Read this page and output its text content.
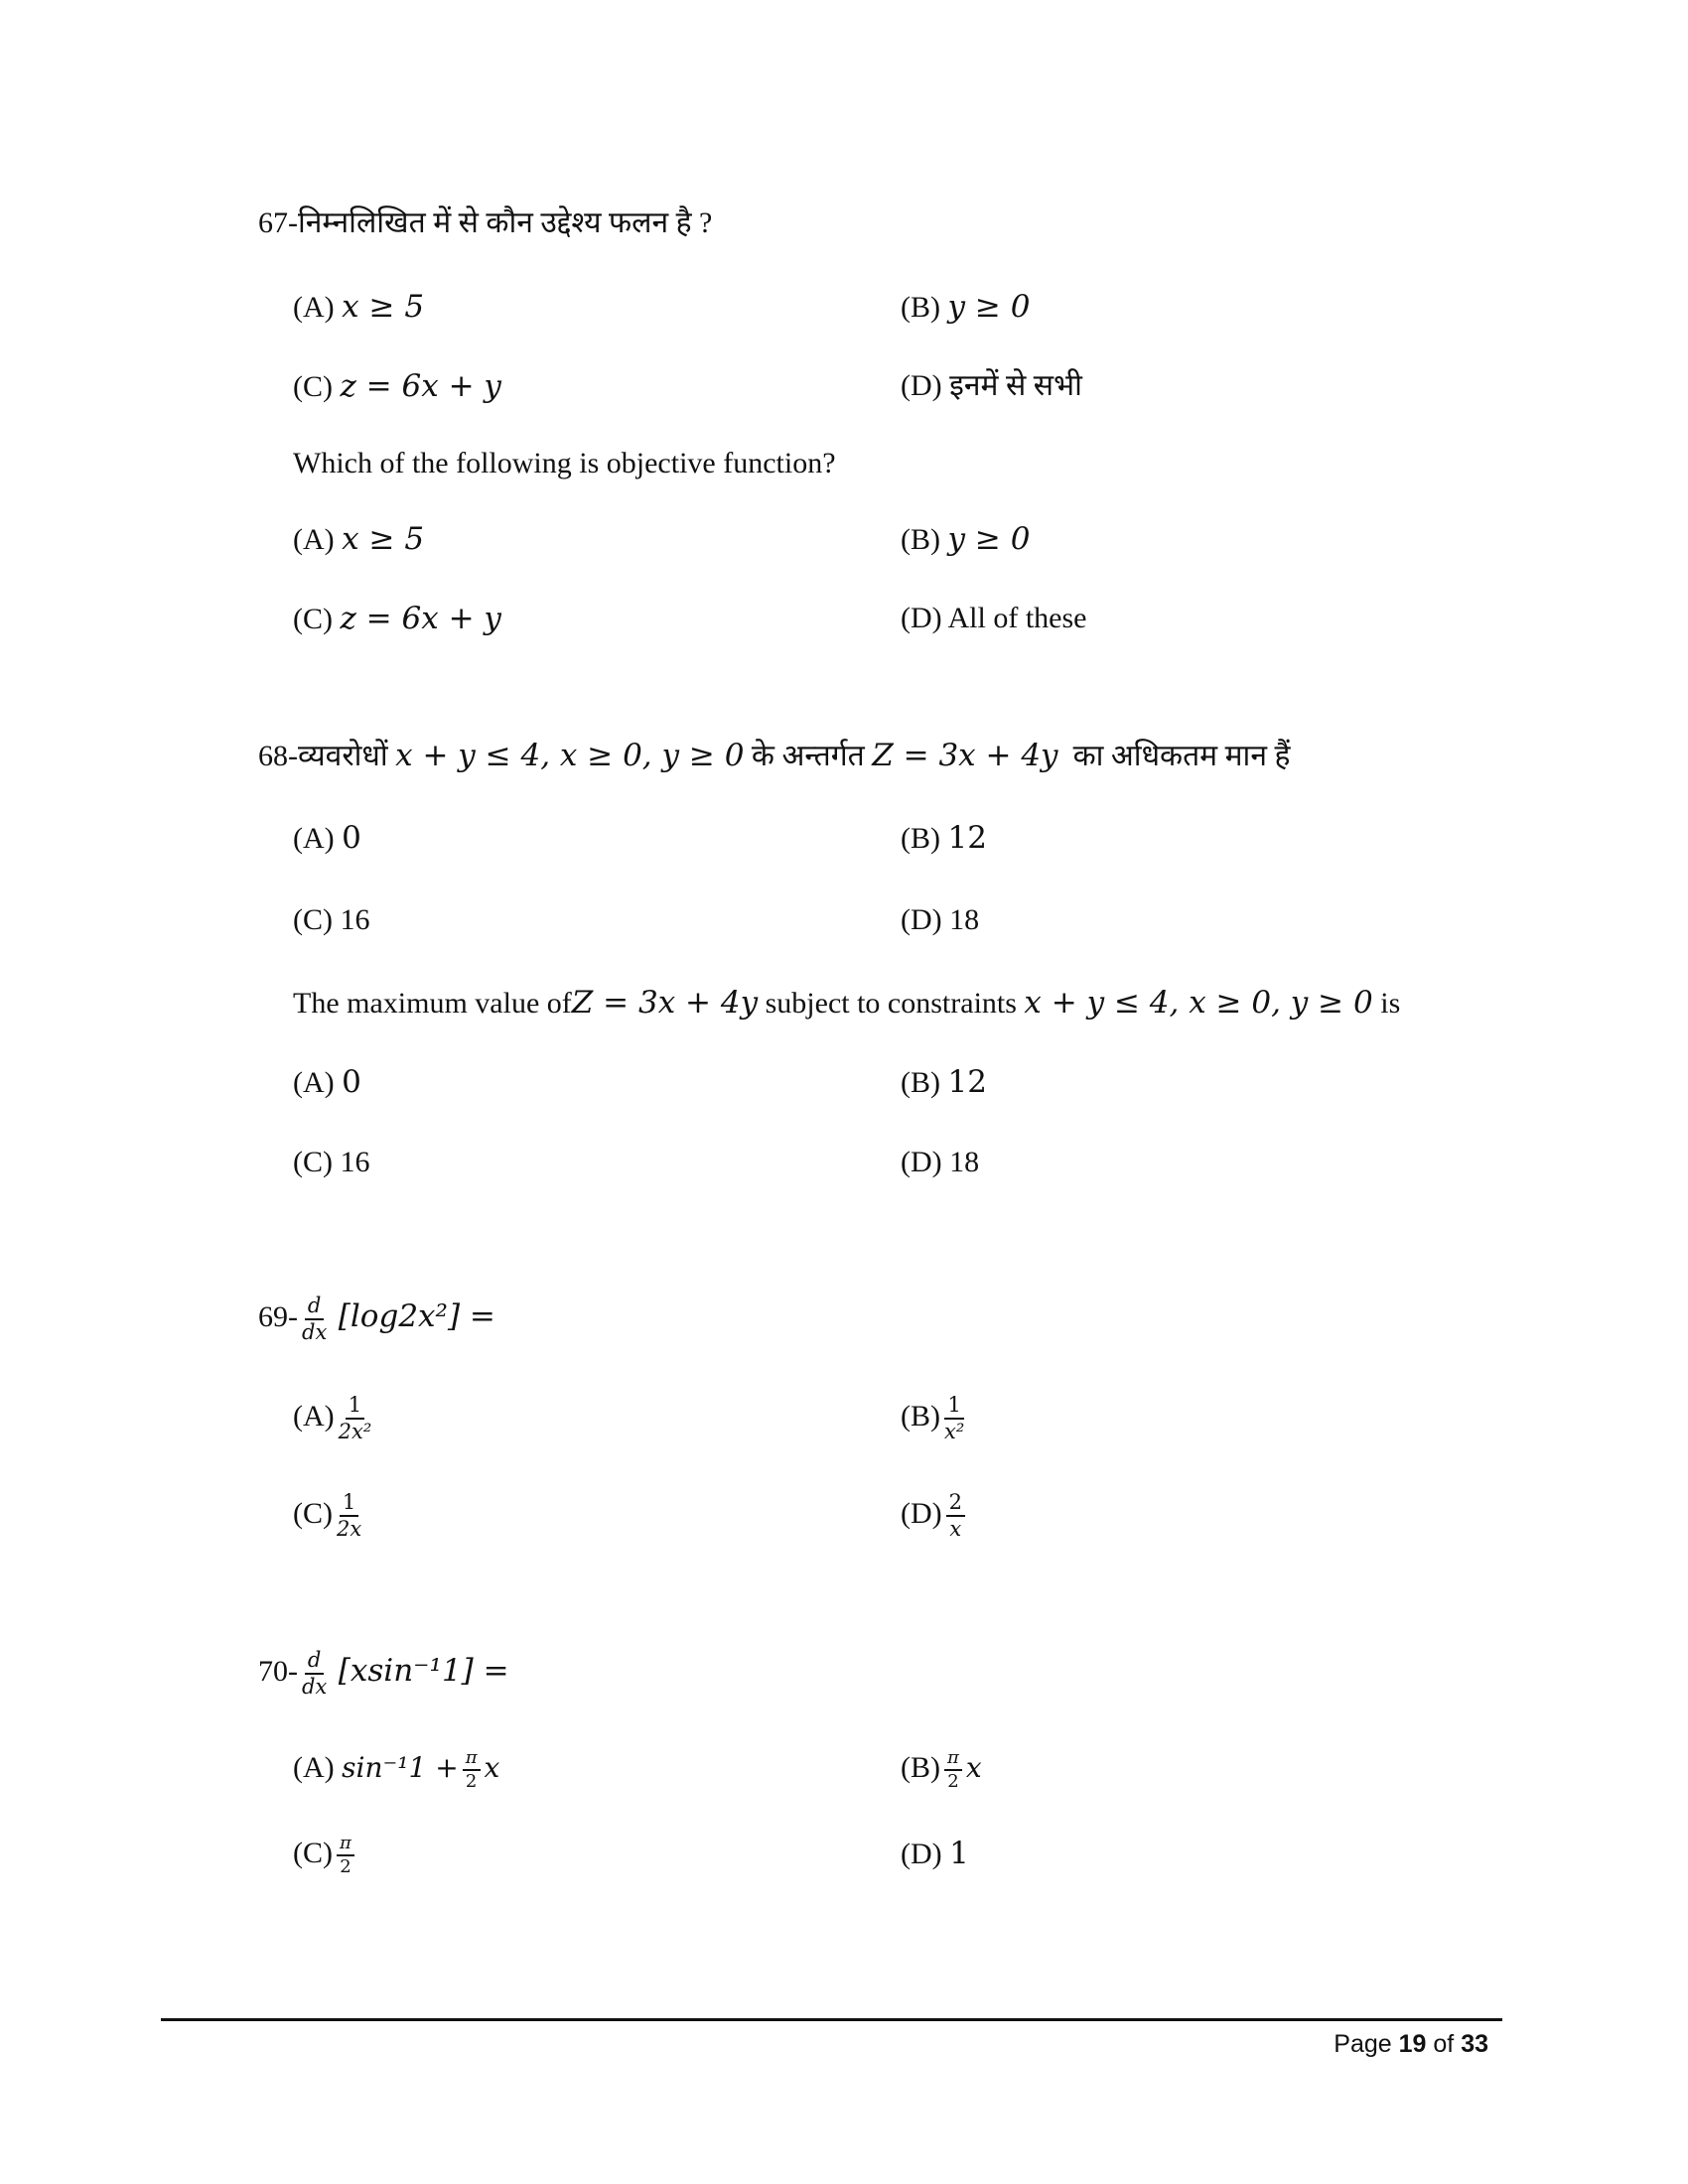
67-निम्नलिखित में से कौन उद्देश्य फलन है ?
(A) x ≥ 5	(B) y ≥ 0
(C) z = 6x + y	(D) इनमें से सभी
Which of the following is objective function?
(A) x ≥ 5	(B) y ≥ 0
(C) z = 6x + y	(D) All of these
68-व्यवरोधों x + y ≤ 4, x ≥ 0, y ≥ 0 के अन्तर्गत Z = 3x + 4y का अधिकतम मान हैं
(A) 0	(B) 12
(C) 16	(D) 18
The maximum value ofZ = 3x + 4y subject to constraints x + y ≤ 4, x ≥ 0, y ≥ 0 is
(A) 0	(B) 12
(C) 16	(D) 18
$69- \frac{d}{dx} [\log 2x^2]$ =
$(A) \frac{1}{\text{2x²}}$	$(B) \frac{1}{\text{x²}}$
$(C) \frac{1}{2x}$	$(D) \frac{2}{x}$
$70- \frac{d}{dx} [xsin^{-1}1]$ =
(A) $\sin^{-1}1 + \frac{\pi}{2}$ x	$(B) \frac{\pi}{2}$ x
$(C) \frac{\pi}{2}$	(D) 1
Page 19 of 33
